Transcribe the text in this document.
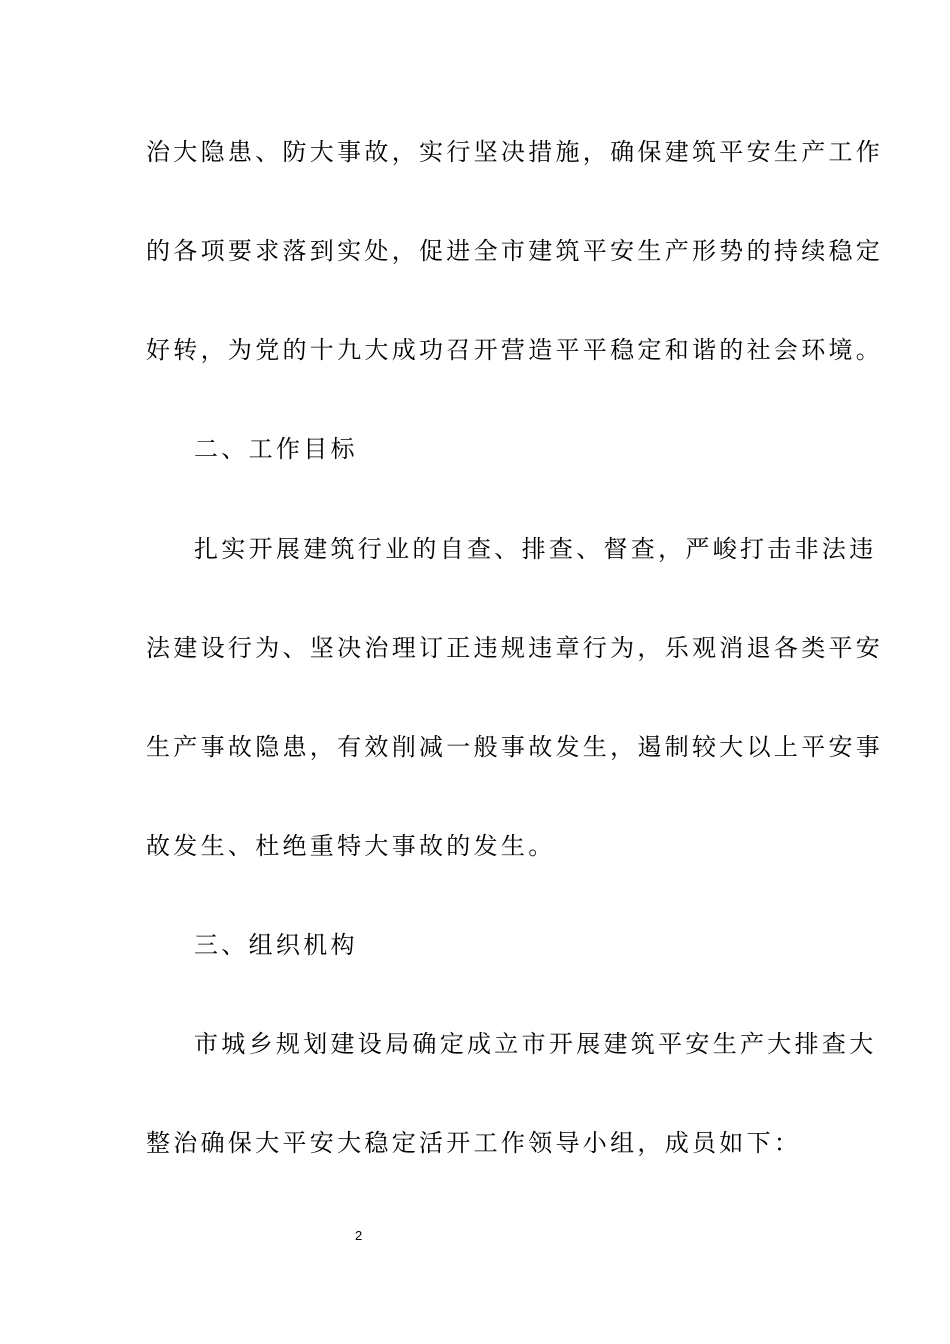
治大隐患、防大事故，实行坚决措施，确保建筑平安生产工作
的各项要求落到实处，促进全市建筑平安生产形势的持续稳定
好转，为党的十九大成功召开营造平平稳定和谐的社会环境。
二、工作目标
扎实开展建筑行业的自查、排查、督查，严峻打击非法违
法建设行为、坚决治理订正违规违章行为，乐观消退各类平安
生产事故隐患，有效削减一般事故发生，遏制较大以上平安事
故发生、杜绝重特大事故的发生。
三、组织机构
市城乡规划建设局确定成立市开展建筑平安生产大排查大
整治确保大平安大稳定活开工作领导小组，成员如下：
2
